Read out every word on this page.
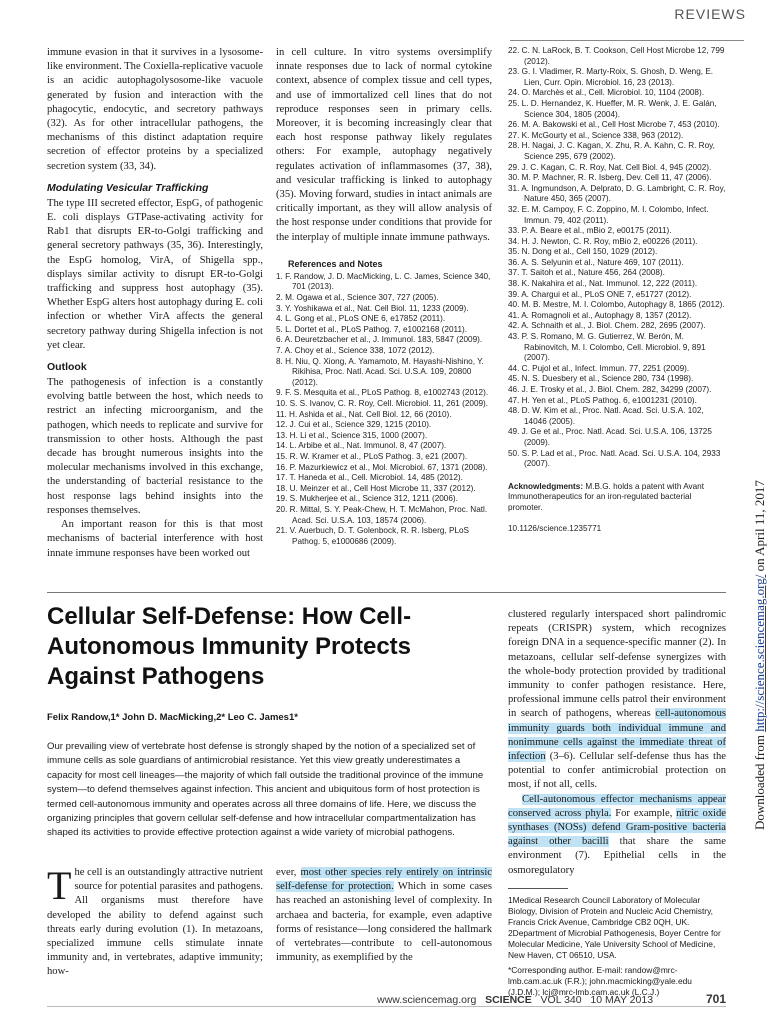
REVIEWS
Downloaded from http://science.sciencemag.org/ on April 11, 2017

immune evasion in that it survives in a lysosome-like environment. The Coxiella-replicative vacuole is an acidic autophagolysosome-like vacuole generated by fusion and interaction with the phagocytic, endocytic, and secretory pathways (32). As for other intracellular pathogens, the mechanisms of this distinct adaptation require secretion of effector proteins by a specialized secretion system (33, 34).

Modulating Vesicular Trafficking

The type III secreted effector, EspG, of pathogenic E. coli displays GTPase-activating activity for Rab1 that disrupts ER-to-Golgi trafficking and general secretory pathways (35, 36). Interestingly, the EspG homolog, VirA, of Shigella spp., displays similar activity to disrupt ER-to-Golgi trafficking and suppress host autophagy (35). Whether EspG alters host autophagy during E. coli infection or whether VirA affects the general secretory pathway during Shigella infection is not yet clear.

Outlook

The pathogenesis of infection is a constantly evolving battle between the host, which needs to restrict an infecting microorganism, and the pathogen, which needs to replicate and survive for transmission to other hosts. Although the past decade has brought numerous insights into the molecular mechanisms involved in this exchange, the understanding of bacterial resistance to the host response lags behind insights into the responses themselves.

An important reason for this is that most mechanisms of bacterial interference with host innate immune responses have been worked out

in cell culture. In vitro systems oversimplify innate responses due to lack of normal cytokine context, absence of complex tissue and cell types, and use of immortalized cell lines that do not reproduce responses seen in primary cells. Moreover, it is becoming increasingly clear that each host response pathway likely regulates others: For example, autophagy negatively regulates activation of inflammasomes (37, 38), and vesicular trafficking is linked to autophagy (35). Moving forward, studies in intact animals are critically important, as they will allow analysis of the host response under conditions that provide for the interplay of multiple innate immune pathways.

References and Notes

1. F. Randow, J. D. MacMicking, L. C. James, Science 340, 701 (2013).

2. M. Ogawa et al., Science 307, 727 (2005).

3. Y. Yoshikawa et al., Nat. Cell Biol. 11, 1233 (2009).

4. L. Gong et al., PLoS ONE 6, e17852 (2011).

5. L. Dortet et al., PLoS Pathog. 7, e1002168 (2011).

6. A. Deuretzbacher et al., J. Immunol. 183, 5847 (2009).

7. A. Choy et al., Science 338, 1072 (2012).

8. H. Niu, Q. Xiong, A. Yamamoto, M. Hayashi-Nishino, Y. Rikihisa, Proc. Natl. Acad. Sci. U.S.A. 109, 20800 (2012).

9. F. S. Mesquita et al., PLoS Pathog. 8, e1002743 (2012).

10. S. S. Ivanov, C. R. Roy, Cell. Microbiol. 11, 261 (2009).

11. H. Ashida et al., Nat. Cell Biol. 12, 66 (2010).

12. J. Cui et al., Science 329, 1215 (2010).

13. H. Li et al., Science 315, 1000 (2007).

14. L. Arbibe et al., Nat. Immunol. 8, 47 (2007).

15. R. W. Kramer et al., PLoS Pathog. 3, e21 (2007).

16. P. Mazurkiewicz et al., Mol. Microbiol. 67, 1371 (2008).

17. T. Haneda et al., Cell. Microbiol. 14, 485 (2012).

18. U. Meinzer et al., Cell Host Microbe 11, 337 (2012).

19. S. Mukherjee et al., Science 312, 1211 (2006).

20. R. Mittal, S. Y. Peak-Chew, H. T. McMahon, Proc. Natl. Acad. Sci. U.S.A. 103, 18574 (2006).

21. V. Auerbuch, D. T. Golenbock, R. R. Isberg, PLoS Pathog. 5, e1000686 (2009).

22. C. N. LaRock, B. T. Cookson, Cell Host Microbe 12, 799 (2012).

23. G. I. Vladimer, R. Marty-Roix, S. Ghosh, D. Weng, E. Lien, Curr. Opin. Microbiol. 16, 23 (2013).

24. O. Marchès et al., Cell. Microbiol. 10, 1104 (2008).

25. L. D. Hernandez, K. Hueffer, M. R. Wenk, J. E. Galán, Science 304, 1805 (2004).

26. M. A. Bakowski et al., Cell Host Microbe 7, 453 (2010).

27. K. McGourty et al., Science 338, 963 (2012).

28. H. Nagai, J. C. Kagan, X. Zhu, R. A. Kahn, C. R. Roy, Science 295, 679 (2002).

29. J. C. Kagan, C. R. Roy, Nat. Cell Biol. 4, 945 (2002).

30. M. P. Machner, R. R. Isberg, Dev. Cell 11, 47 (2006).

31. A. Ingmundson, A. Delprato, D. G. Lambright, C. R. Roy, Nature 450, 365 (2007).

32. E. M. Campoy, F. C. Zoppino, M. I. Colombo, Infect. Immun. 79, 402 (2011).

33. P. A. Beare et al., mBio 2, e00175 (2011).

34. H. J. Newton, C. R. Roy, mBio 2, e00226 (2011).

35. N. Dong et al., Cell 150, 1029 (2012).

36. A. S. Selyunin et al., Nature 469, 107 (2011).

37. T. Saitoh et al., Nature 456, 264 (2008).

38. K. Nakahira et al., Nat. Immunol. 12, 222 (2011).

39. A. Chargui et al., PLoS ONE 7, e51727 (2012).

40. M. B. Mestre, M. I. Colombo, Autophagy 8, 1865 (2012).

41. A. Romagnoli et al., Autophagy 8, 1357 (2012).

42. A. Schnaith et al., J. Biol. Chem. 282, 2695 (2007).

43. P. S. Romano, M. G. Gutierrez, W. Berón, M. Rabinovitch, M. I. Colombo, Cell. Microbiol. 9, 891 (2007).

44. C. Pujol et al., Infect. Immun. 77, 2251 (2009).

45. N. S. Duesbery et al., Science 280, 734 (1998).

46. J. E. Trosky et al., J. Biol. Chem. 282, 34299 (2007).

47. H. Yen et al., PLoS Pathog. 6, e1001231 (2010).

48. D. W. Kim et al., Proc. Natl. Acad. Sci. U.S.A. 102, 14046 (2005).

49. J. Ge et al., Proc. Natl. Acad. Sci. U.S.A. 106, 13725 (2009).

50. S. P. Lad et al., Proc. Natl. Acad. Sci. U.S.A. 104, 2933 (2007).

Acknowledgments: M.B.G. holds a patent with Avant Immunotherapeutics for an iron-regulated bacterial promoter.

10.1126/science.1235771

Cellular Self-Defense: How Cell-Autonomous Immunity Protects Against Pathogens
Felix Randow,1* John D. MacMicking,2* Leo C. James1*
Our prevailing view of vertebrate host defense is strongly shaped by the notion of a specialized set of immune cells as sole guardians of antimicrobial resistance. Yet this view greatly underestimates a capacity for most cell lineages—the majority of which fall outside the traditional province of the immune system—to defend themselves against infection. This ancient and ubiquitous form of host protection is termed cell-autonomous immunity and operates across all three domains of life. Here, we discuss the organizing principles that govern cellular self-defense and how intracellular compartmentalization has shaped its activities to provide effective protection against a wide variety of microbial pathogens.

The cell is an outstandingly attractive nutrient source for potential parasites and pathogens. All organisms must therefore have developed the ability to defend against such threats early during evolution (1). In metazoans, specialized immune cells stimulate innate immunity and, in vertebrates, adaptive immunity; how-

ever, most other species rely entirely on intrinsic self-defense for protection. Which in some cases has reached an astonishing level of complexity. In archaea and bacteria, for example, even adaptive forms of resistance—long considered the hallmark of vertebrates—contribute to cell-autonomous immunity, as exemplified by the

clustered regularly interspaced short palindromic repeats (CRISPR) system, which recognizes foreign DNA in a sequence-specific manner (2). In metazoans, cellular self-defense synergizes with the whole-body protection provided by traditional immunity to confer pathogen resistance. Here, professional immune cells patrol their environment in search of pathogens, whereas cell-autonomous immunity guards both individual immune and nonimmune cells against the immediate threat of infection (3–6). Cellular self-defense thus has the potential to confer antimicrobial protection on most, if not all, cells.

Cell-autonomous effector mechanisms appear conserved across phyla. For example, nitric oxide synthases (NOSs) defend Gram-positive bacteria against other bacilli that share the same environment (7). Epithelial cells in the osmoregulatory

1Medical Research Council Laboratory of Molecular Biology, Division of Protein and Nucleic Acid Chemistry, Francis Crick Avenue, Cambridge CB2 0QH, UK. 2Department of Microbial Pathogenesis, Boyer Centre for Molecular Medicine, Yale University School of Medicine, New Haven, CT 06510, USA.

*Corresponding author. E-mail: randow@mrc-lmb.cam.ac.uk (F.R.); john.macmicking@yale.edu (J.D.M.); lcj@mrc-lmb.cam.ac.uk (L.C.J.)

www.sciencemag.org SCIENCE VOL 340 10 MAY 2013	701
